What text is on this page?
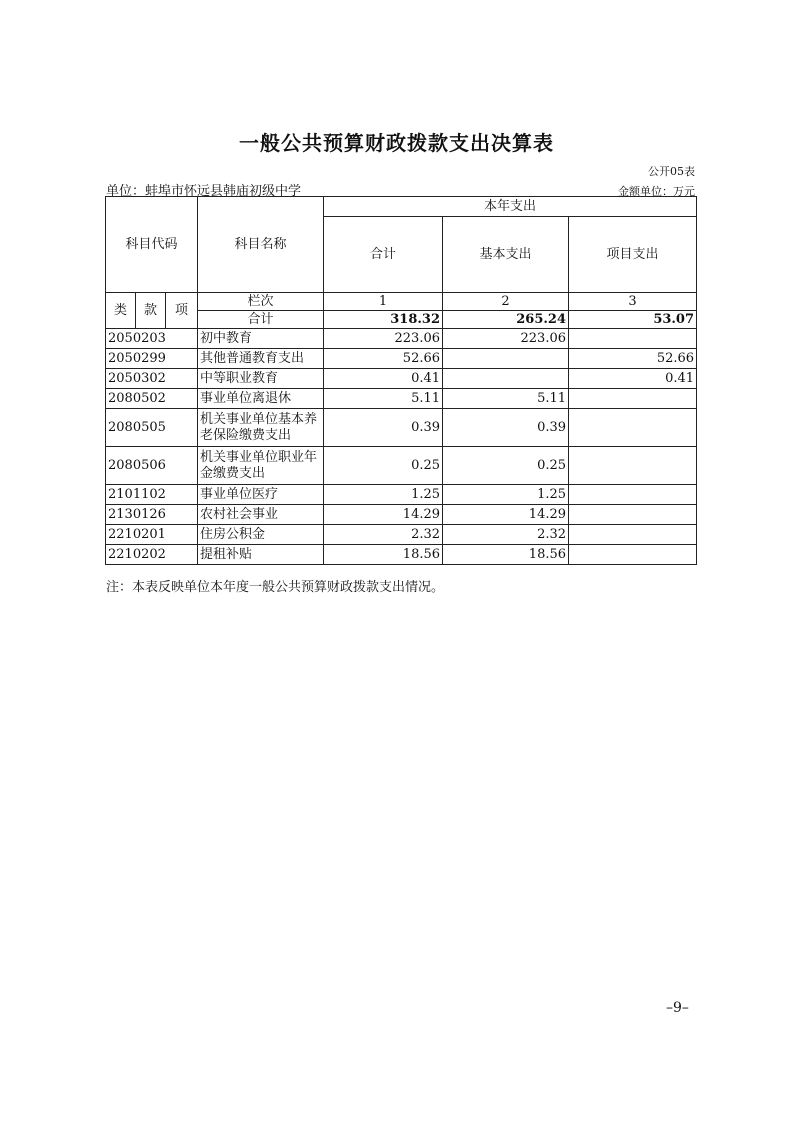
一般公共预算财政拨款支出决算表
公开05表
单位：蚌埠市怀远县韩庙初级中学	金额单位：万元
科目代码			科目名称	本年支出		
				合计	基本支出	项目支出
类	款	项	栏次	1	2	3
			合计	318.32	265.24	53.07
2050203			初中教育	223.06	223.06	
2050299			其他普通教育支出	52.66		52.66
2050302			中等职业教育	0.41		0.41
2080502			事业单位离退休	5.11	5.11	
2080505			机关事业单位基本养老保险缴费支出	0.39	0.39	
2080506			机关事业单位职业年金缴费支出	0.25	0.25	
2101102			事业单位医疗	1.25	1.25	
2130126			农村社会事业	14.29	14.29	
2210201			住房公积金	2.32	2.32	
2210202			提租补贴	18.56	18.56	
注：本表反映单位本年度一般公共预算财政拨款支出情况。
–9–
